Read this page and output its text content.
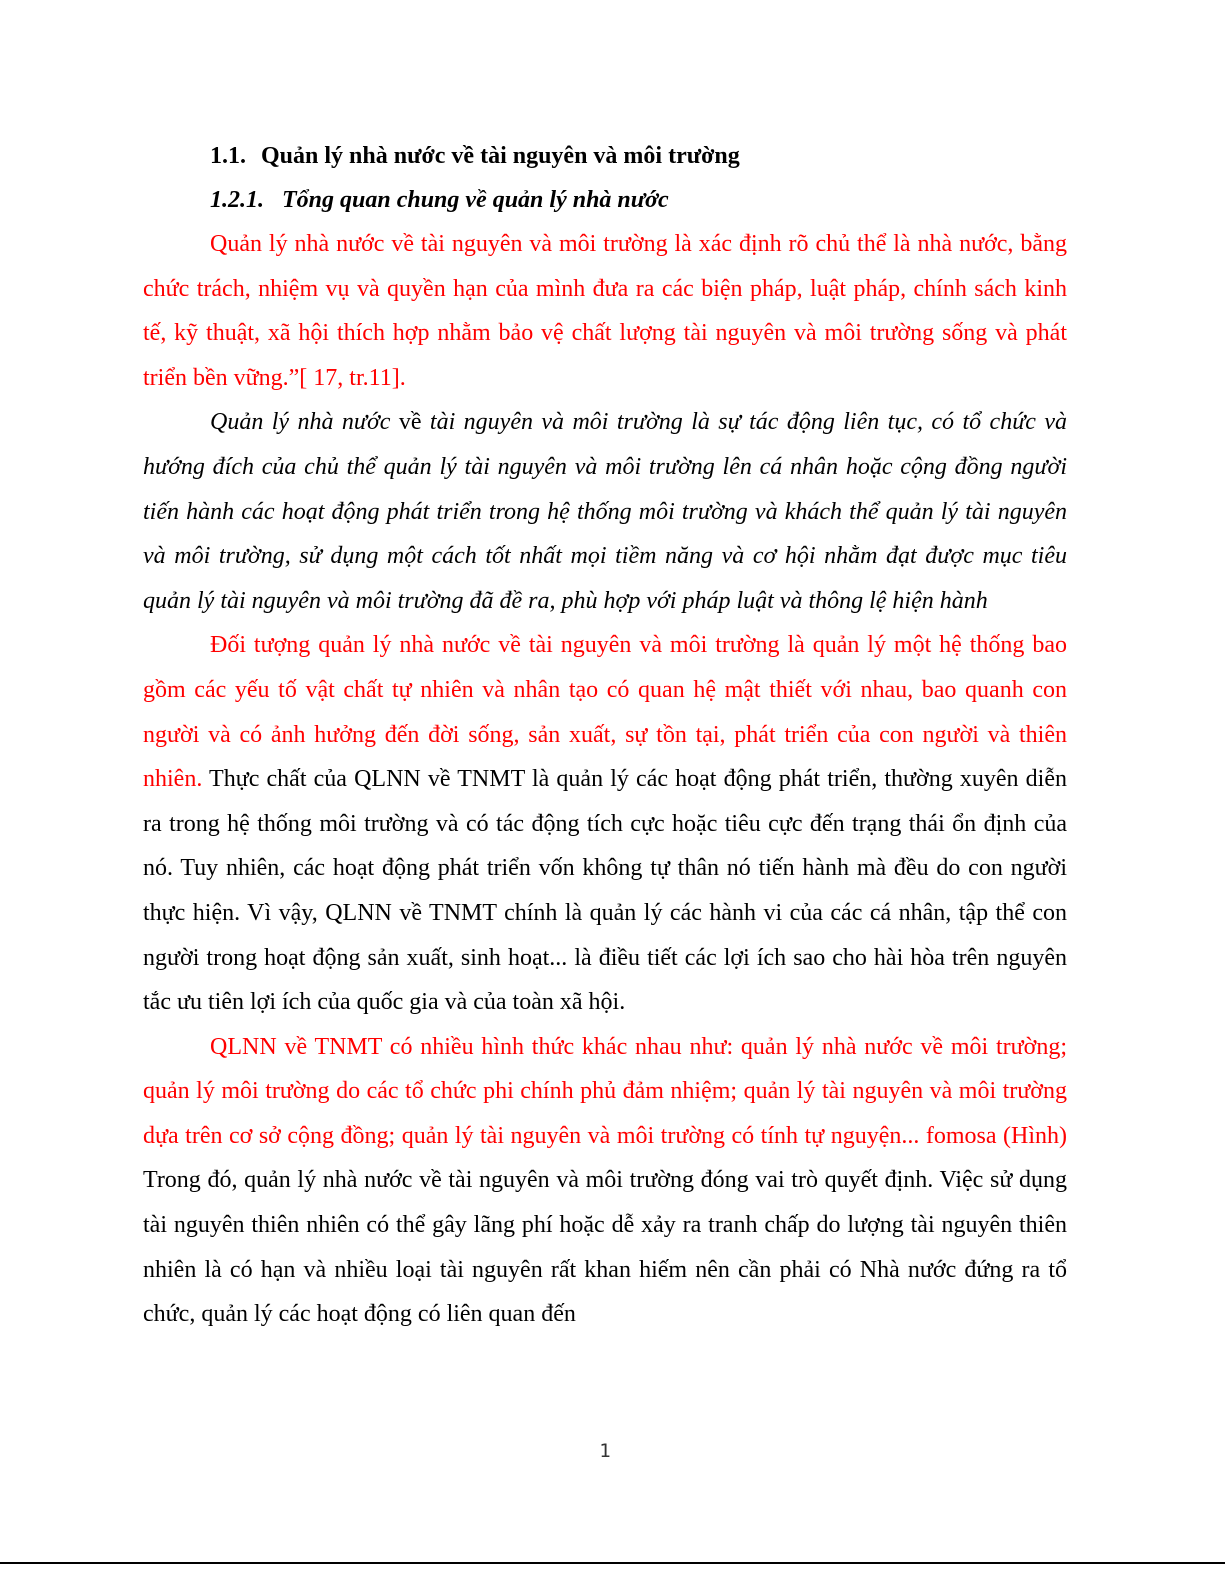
1.1. Quản lý nhà nước về tài nguyên và môi trường

1.2.1. Tổng quan chung về quản lý nhà nước

Quản lý nhà nước về tài nguyên và môi trường là xác định rõ chủ thể là nhà nước, bằng chức trách, nhiệm vụ và quyền hạn của mình đưa ra các biện pháp, luật pháp, chính sách kinh tế, kỹ thuật, xã hội thích hợp nhằm bảo vệ chất lượng tài nguyên và môi trường sống và phát triển bền vững.”[ 17, tr.11].

Quản lý nhà nước về tài nguyên và môi trường là sự tác động liên tục, có tổ chức và hướng đích của chủ thể quản lý tài nguyên và môi trường lên cá nhân hoặc cộng đồng người tiến hành các hoạt động phát triển trong hệ thống môi trường và khách thể quản lý tài nguyên và môi trường, sử dụng một cách tốt nhất mọi tiềm năng và cơ hội nhằm đạt được mục tiêu quản lý tài nguyên và môi trường đã đề ra, phù hợp với pháp luật và thông lệ hiện hành

Đối tượng quản lý nhà nước về tài nguyên và môi trường là quản lý một hệ thống bao gồm các yếu tố vật chất tự nhiên và nhân tạo có quan hệ mật thiết với nhau, bao quanh con người và có ảnh hưởng đến đời sống, sản xuất, sự tồn tại, phát triển của con người và thiên nhiên. Thực chất của QLNN về TNMT là quản lý các hoạt động phát triển, thường xuyên diễn ra trong hệ thống môi trường và có tác động tích cực hoặc tiêu cực đến trạng thái ổn định của nó. Tuy nhiên, các hoạt động phát triển vốn không tự thân nó tiến hành mà đều do con người thực hiện. Vì vậy, QLNN về TNMT chính là quản lý các hành vi của các cá nhân, tập thể con người trong hoạt động sản xuất, sinh hoạt... là điều tiết các lợi ích sao cho hài hòa trên nguyên tắc ưu tiên lợi ích của quốc gia và của toàn xã hội.

QLNN về TNMT có nhiều hình thức khác nhau như: quản lý nhà nước về môi trường; quản lý môi trường do các tổ chức phi chính phủ đảm nhiệm; quản lý tài nguyên và môi trường dựa trên cơ sở cộng đồng; quản lý tài nguyên và môi trường có tính tự nguyện... fomosa (Hình)  Trong đó, quản lý nhà nước về tài nguyên và môi trường đóng vai trò quyết định. Việc sử dụng tài nguyên thiên nhiên có thể gây lãng phí hoặc dễ xảy ra tranh chấp do lượng tài nguyên thiên nhiên là có hạn và nhiều loại tài nguyên rất khan hiếm nên cần phải có Nhà nước đứng ra tổ chức, quản lý các hoạt động có liên quan đến

1
